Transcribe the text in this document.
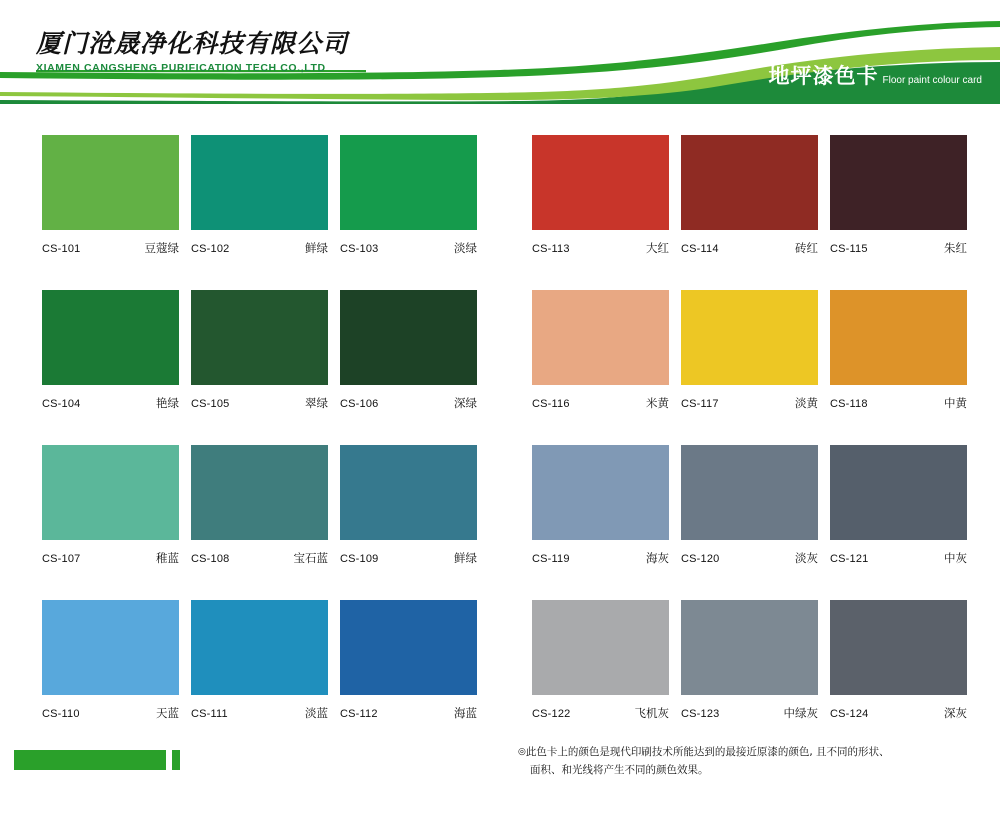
厦门沧晟净化科技有限公司
XIAMEN CANGSHENG PURIFICATION TECH CO.,LTD	地坪漆色卡 Floor paint colour card
CS-101	豆蔻绿 CS-102	鲜绿 CS-103	淡绿
CS-104	艳绿 CS-105	翠绿 CS-106	深绿
CS-107	稚蓝 CS-108	宝石蓝 CS-109	鲜绿
CS-110	天蓝 CS-111	淡蓝 CS-112	海蓝
CS-113	大红 CS-114	砖红 CS-115	朱红
CS-116	米黄 CS-117	淡黄 CS-118	中黄
CS-119	海灰 CS-120	淡灰 CS-121	中灰
CS-122	飞机灰 CS-123	中绿灰 CS-124	深灰
◎此色卡上的颜色是现代印刷技术所能达到的最接近原漆的颜色, 且不同的形状、
面积、和光线将产生不同的颜色效果。
